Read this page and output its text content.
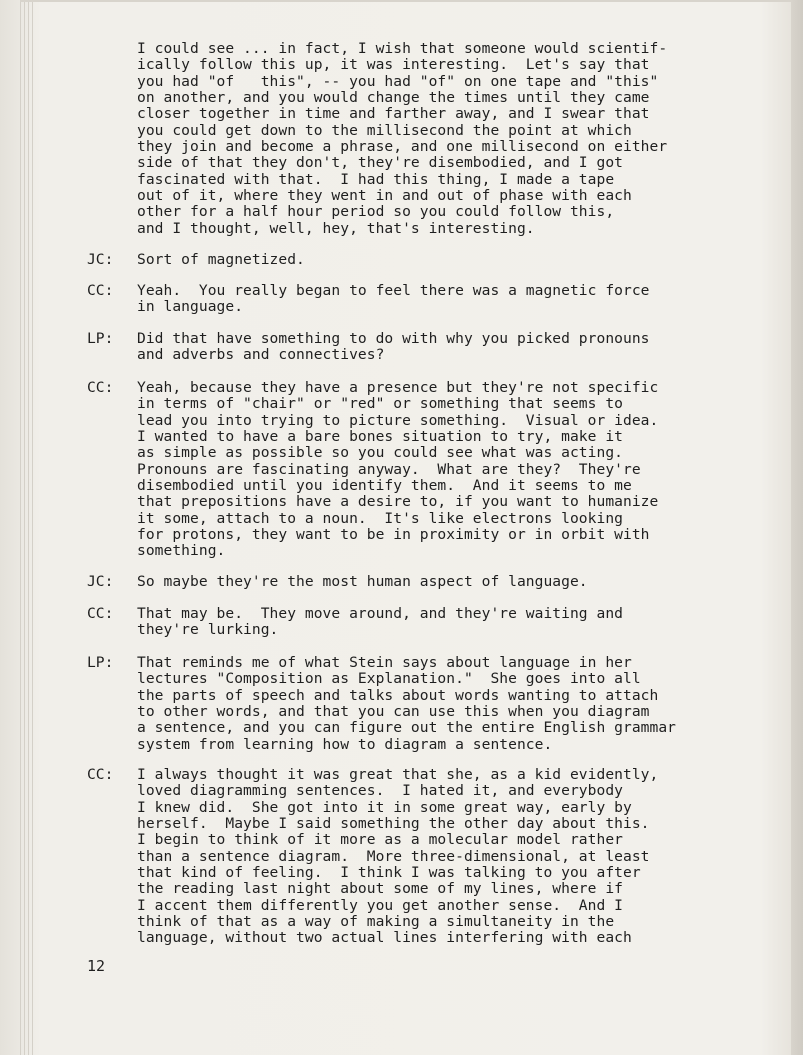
I could see ... in fact, I wish that someone would scientif-
ically follow this up, it was interesting.  Let's say that
you had "of   this", -- you had "of" on one tape and "this"
on another, and you would change the times until they came
closer together in time and farther away, and I swear that
you could get down to the millisecond the point at which
they join and become a phrase, and one millisecond on either
side of that they don't, they're disembodied, and I got
fascinated with that.  I had this thing, I made a tape
out of it, where they went in and out of phase with each
other for a half hour period so you could follow this,
and I thought, well, hey, that's interesting.
JC: Sort of magnetized.
CC: Yeah.  You really began to feel there was a magnetic force
in language.
LP: Did that have something to do with why you picked pronouns
and adverbs and connectives?
CC: Yeah, because they have a presence but they're not specific
in terms of "chair" or "red" or something that seems to
lead you into trying to picture something.  Visual or idea.
I wanted to have a bare bones situation to try, make it
as simple as possible so you could see what was acting.
Pronouns are fascinating anyway.  What are they?  They're
disembodied until you identify them.  And it seems to me
that prepositions have a desire to, if you want to humanize
it some, attach to a noun.  It's like electrons looking
for protons, they want to be in proximity or in orbit with
something.
JC: So maybe they're the most human aspect of language.
CC: That may be.  They move around, and they're waiting and
they're lurking.
LP: That reminds me of what Stein says about language in her
lectures "Composition as Explanation."  She goes into all
the parts of speech and talks about words wanting to attach
to other words, and that you can use this when you diagram
a sentence, and you can figure out the entire English grammar
system from learning how to diagram a sentence.
CC: I always thought it was great that she, as a kid evidently,
loved diagramming sentences.  I hated it, and everybody
I knew did.  She got into it in some great way, early by
herself.  Maybe I said something the other day about this.
I begin to think of it more as a molecular model rather
than a sentence diagram.  More three-dimensional, at least
that kind of feeling.  I think I was talking to you after
the reading last night about some of my lines, where if
I accent them differently you get another sense.  And I
think of that as a way of making a simultaneity in the
language, without two actual lines interfering with each
12
